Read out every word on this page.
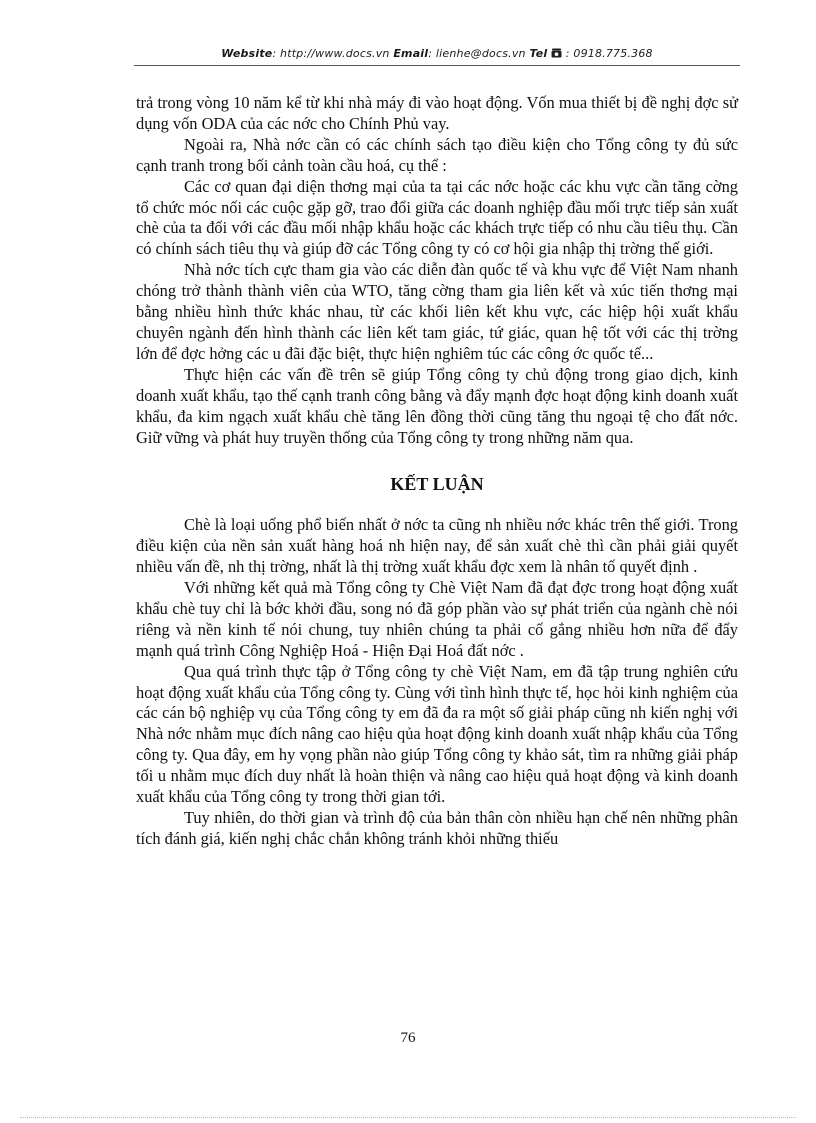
Website: http://www.docs.vn Email: lienhe@docs.vn Tel : 0918.775.368

trả trong vòng 10 năm kể từ khi nhà máy đi vào hoạt động. Vốn mua thiết bị đề nghị đợc sử dụng vốn ODA của các nớc cho Chính Phủ vay.

Ngoài ra, Nhà nớc cần có các chính sách tạo điều kiện cho Tổng công ty đủ sức cạnh tranh trong bối cảnh toàn cầu hoá, cụ thể :

Các cơ quan đại diện thơng mại của ta tại các nớc hoặc các khu vực cần tăng cờng tổ chức móc nối các cuộc gặp gỡ, trao đổi giữa các doanh nghiệp đầu mối trực tiếp sản xuất chè của ta đối với các đầu mối nhập khẩu hoặc các khách trực tiếp có nhu cầu tiêu thụ. Cần có chính sách tiêu thụ và giúp đỡ các Tổng công ty có cơ hội gia nhập thị trờng thế giới.

Nhà nớc tích cực tham gia vào các diễn đàn quốc tế và khu vực để Việt Nam nhanh chóng trở thành thành viên của WTO, tăng cờng tham gia liên kết và xúc tiến thơng mại bằng nhiều hình thức khác nhau, từ các khối liên kết khu vực, các hiệp hội xuất khẩu chuyên ngành đến hình thành các liên kết tam giác, tứ giác, quan hệ tốt với các thị trờng lớn để đợc hởng các u đãi đặc biệt, thực hiện nghiêm túc các công ớc quốc tế...

Thực hiện các vấn đề trên sẽ giúp Tổng công ty chủ động trong giao dịch, kinh doanh xuất khẩu, tạo thế cạnh tranh công bằng và đẩy mạnh đợc hoạt động kinh doanh xuất khẩu, đa kim ngạch xuất khẩu chè tăng lên đồng thời cũng tăng thu ngoại tệ cho đất nớc. Giữ vững và phát huy truyền thống của Tổng công ty trong những năm qua.

KẾT LUẬN

Chè là loại uống phổ biến nhất ở nớc ta cũng nh nhiều nớc khác trên thế giới. Trong điều kiện của nền sản xuất hàng hoá nh hiện nay, để sản xuất chè thì cần phải giải quyết nhiều vấn đề, nh thị trờng, nhất là thị trờng xuất khẩu đợc xem là nhân tố quyết định .

Với những kết quả mà Tổng công ty Chè Việt Nam đã đạt đợc trong hoạt động xuất khẩu chè tuy chỉ là bớc khởi đầu, song nó đã góp phần vào sự phát triển của ngành chè nói riêng và nền kinh tế nói chung, tuy nhiên chúng ta phải cố gắng nhiều hơn nữa để đẩy mạnh quá trình Công Nghiệp Hoá - Hiện Đại Hoá đất nớc .

Qua quá trình thực tập ở Tổng công ty chè Việt Nam, em đã tập trung nghiên cứu hoạt động xuất khẩu của Tổng công ty. Cùng với tình hình thực tế, học hỏi kinh nghiệm của các cán bộ nghiệp vụ của Tổng công ty em đã đa ra một số giải pháp cũng nh kiến nghị với Nhà nớc nhằm mục đích nâng cao hiệu qủa hoạt động kinh doanh xuất nhập khẩu của Tổng công ty. Qua đây, em hy vọng phần nào giúp Tổng công ty khảo sát, tìm ra những giải pháp tối u nhằm mục đích duy nhất là hoàn thiện và nâng cao hiệu quả hoạt động và kinh doanh xuất khẩu của Tổng công ty trong thời gian tới.

Tuy nhiên, do thời gian và trình độ của bản thân còn nhiều hạn chế nên những phân tích đánh giá, kiến nghị chắc chắn không tránh khỏi những thiếu

76
